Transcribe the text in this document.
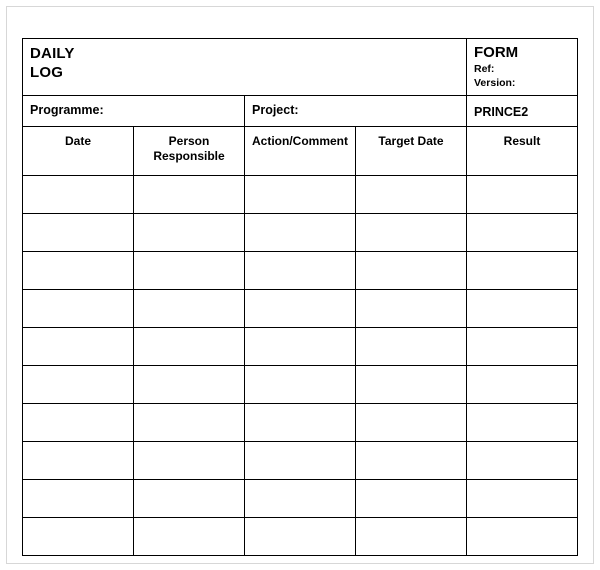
DAILY
LOG

FORM
Ref:
Version:

Programme:		Project:		PRINCE2

Date	Person Responsible	Action/Comment	Target Date	Result
